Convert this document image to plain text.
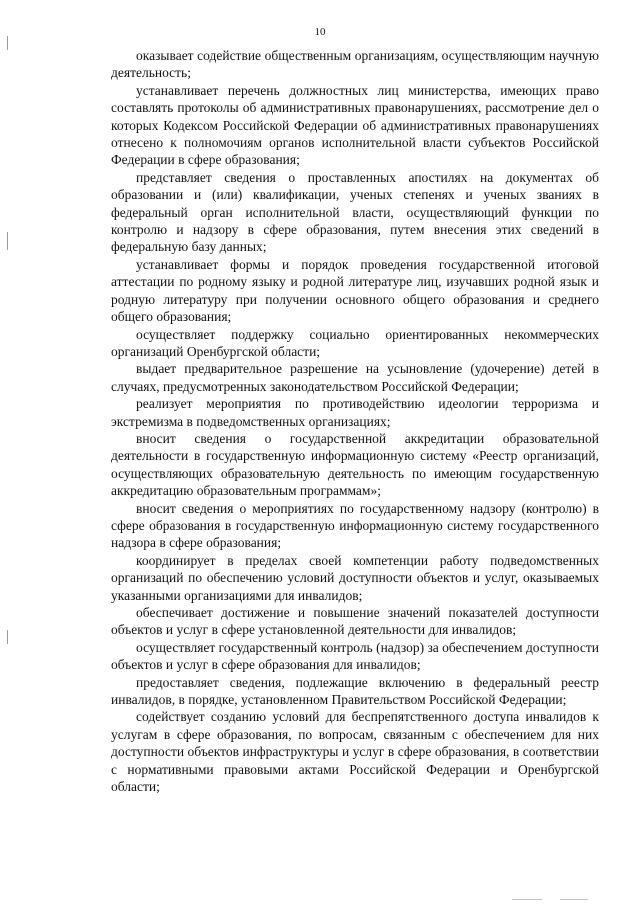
10

оказывает содействие общественным организациям, осуществляющим научную деятельность;

устанавливает перечень должностных лиц министерства, имеющих право составлять протоколы об административных правонарушениях, рассмотрение дел о которых Кодексом Российской Федерации об административных правонарушениях отнесено к полномочиям органов исполнительной власти субъектов Российской Федерации в сфере образования;

представляет сведения о проставленных апостилях на документах об образовании и (или) квалификации, ученых степенях и ученых званиях в федеральный орган исполнительной власти, осуществляющий функции по контролю и надзору в сфере образования, путем внесения этих сведений в федеральную базу данных;

устанавливает формы и порядок проведения государственной итоговой аттестации по родному языку и родной литературе лиц, изучавших родной язык и родную литературу при получении основного общего образования и среднего общего образования;

осуществляет поддержку социально ориентированных некоммерческих организаций Оренбургской области;

выдает предварительное разрешение на усыновление (удочерение) детей в случаях, предусмотренных законодательством Российской Федерации;

реализует мероприятия по противодействию идеологии терроризма и экстремизма в подведомственных организациях;

вносит сведения о государственной аккредитации образовательной деятельности в государственную информационную систему «Реестр организаций, осуществляющих образовательную деятельность по имеющим государственную аккредитацию образовательным программам»;

вносит сведения о мероприятиях по государственному надзору (контролю) в сфере образования в государственную информационную систему государственного надзора в сфере образования;

координирует в пределах своей компетенции работу подведомственных организаций по обеспечению условий доступности объектов и услуг, оказываемых указанными организациями для инвалидов;

обеспечивает достижение и повышение значений показателей доступности объектов и услуг в сфере установленной деятельности для инвалидов;

осуществляет государственный контроль (надзор) за обеспечением доступности объектов и услуг в сфере образования для инвалидов;

предоставляет сведения, подлежащие включению в федеральный реестр инвалидов, в порядке, установленном Правительством Российской Федерации;

содействует созданию условий для беспрепятственного доступа инвалидов к услугам в сфере образования, по вопросам, связанным с обеспечением для них доступности объектов инфраструктуры и услуг в сфере образования, в соответствии с нормативными правовыми актами Российской Федерации и Оренбургской области;
